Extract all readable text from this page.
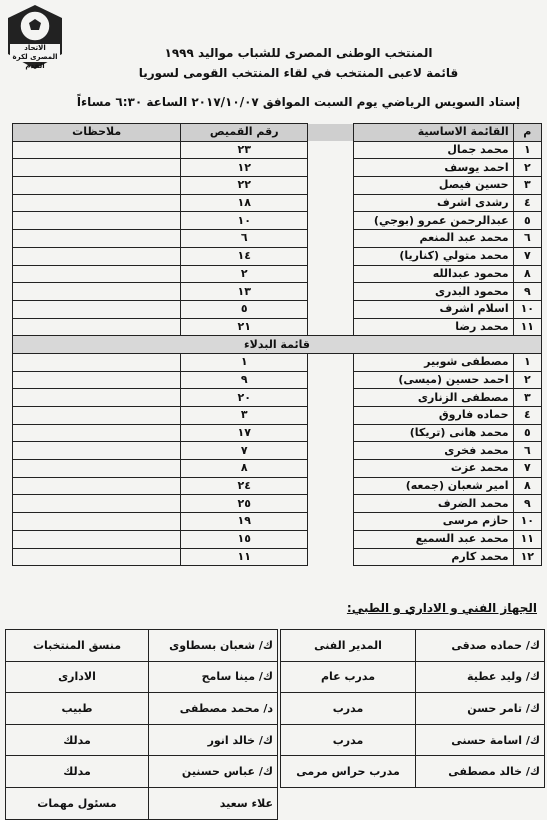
الاتحاد المصرى لكرة القدم
المنتخب الوطنى المصرى للشباب مواليد ١٩٩٩
قائمة لاعبى المنتخب في لقاء المنتخب القومى لسوريا
إستاد السويس الرياضي يوم السبت الموافق ٢٠١٧/١٠/٠٧ الساعة ٦:٣٠ مساءاً
م	القائمة الاساسية		رقم القميص	ملاحظات
١	محمد جمال		٢٣	
٢	احمد يوسف		١٢	
٣	حسين فيصل		٢٢	
٤	رشدى اشرف		١٨	
٥	عبدالرحمن عمرو (بوجي)		١٠	
٦	محمد عبد المنعم		٦	
٧	محمد متولي (كناريا)		١٤	
٨	محمود عبدالله		٢	
٩	محمود البدرى		١٣	
١٠	اسلام اشرف		٥	
١١	محمد رضا		٢١	
قائمة البدلاء				
١	مصطفى شوبير		١	
٢	احمد حسين (ميسى)		٩	
٣	مصطفى الزنارى		٢٠	
٤	حماده فاروق		٣	
٥	محمد هانى (تريكا)		١٧	
٦	محمد فخرى		٧	
٧	محمد عزت		٨	
٨	امير شعبان (جمعه)		٢٤	
٩	محمد الضرف		٢٥	
١٠	حازم مرسى		١٩	
١١	محمد عبد السميع		١٥	
١٢	محمد كارم		١١	
الجهاز الفني و الاداري و الطبي:
ك/ حماده صدقى	المدير الفنى
ك/ وليد عطية	مدرب عام
ك/ تامر حسن	مدرب
ك/ اسامة حسنى	مدرب
ك/ خالد مصطفى	مدرب حراس مرمى
ك/ شعبان بسطاوى	منسق المنتخبات
ك/ مينا سامح	الادارى
د/ محمد مصطفى	طبيب
ك/ خالد انور	مدلك
ك/ عباس حسنين	مدلك
علاء سعيد	مسئول مهمات
